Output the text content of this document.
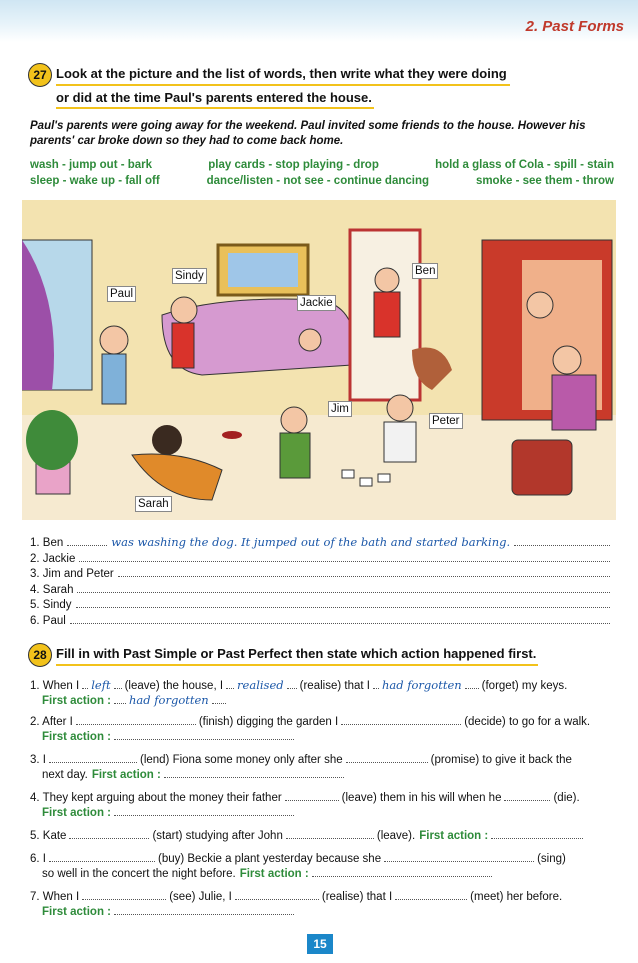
2. Past Forms
27 Look at the picture and the list of words, then write what they were doing
or did at the time Paul's parents entered the house.
Paul's parents were going away for the weekend. Paul invited some friends to the house. However his parents' car broke down so they had to come back home.
wash - jump out - bark	play cards - stop playing - drop	hold a glass of Cola - spill - stain
sleep - wake up - fall off	dance/listen - not see - continue dancing	smoke - see them - throw
Paul
Sindy
Jackie
Ben
Jim
Peter
Sarah
1. Ben	was washing the dog. It jumped out of the bath and started barking.
2. Jackie
3. Jim and Peter
4. Sarah
5. Sindy
6. Paul
28 Fill in with Past Simple or Past Perfect then state which action happened first.
1. When I left (leave) the house, I realised (realise) that I had forgotten (forget) my keys.
First action : had forgotten
2. After I	(finish) digging the garden I	(decide) to go for a walk.
First action :
3. I	(lend) Fiona some money only after she	(promise) to give it back the
next day. First action :
4. They kept arguing about the money their father	(leave) them in his will when he	(die).
First action :
5. Kate	(start) studying after John	(leave). First action :
6. I	(buy) Beckie a plant yesterday because she	(sing)
so well in the concert the night before. First action :
7. When I	(see) Julie, I	(realise) that I	(meet) her before.
First action :
15
